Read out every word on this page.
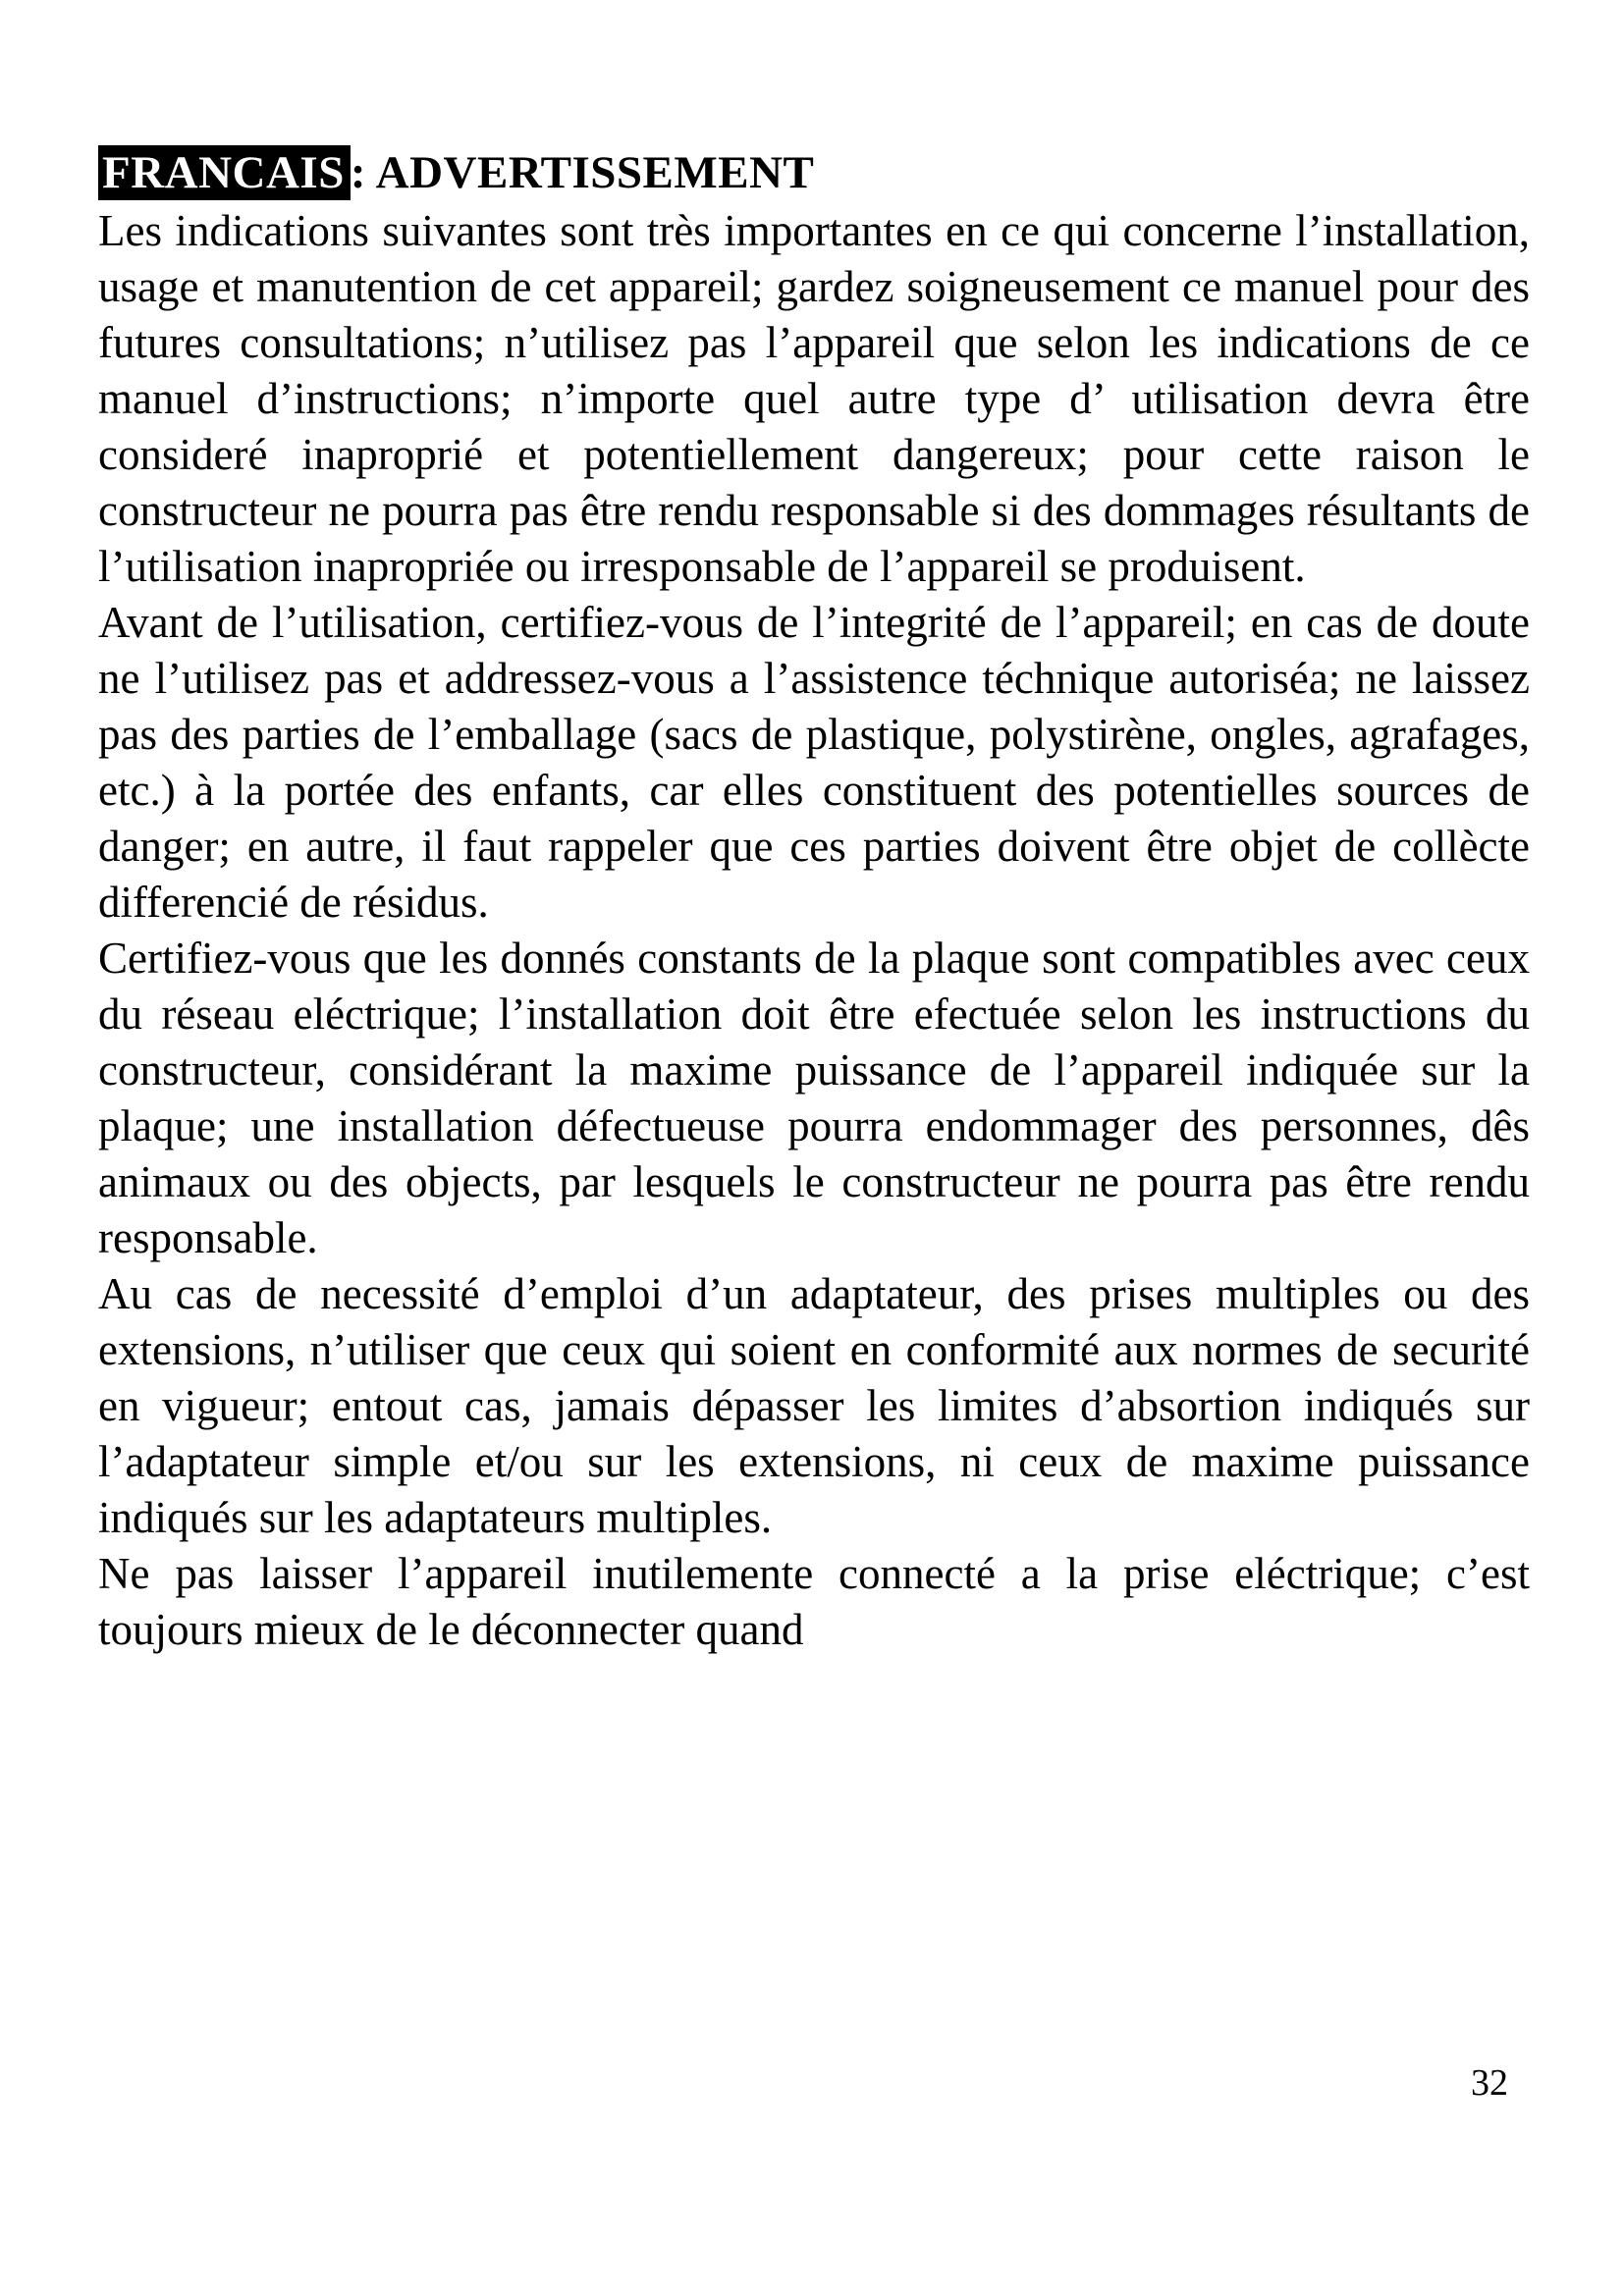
FRANCAIS : ADVERTISSEMENT

Les indications suivantes sont très importantes en ce qui concerne l’installation, usage et manutention de cet appareil; gardez soigneusement ce manuel pour des futures consultations; n’utilisez pas l’appareil que selon les indications de ce manuel d’instructions; n’importe quel autre type d’ utilisation devra être consideré inaproprié et potentiellement dangereux; pour cette raison le constructeur ne pourra pas être rendu responsable si des dommages résultants de l’utilisation inapropriée ou irresponsable de l’appareil se produisent.

Avant de l’utilisation, certifiez-vous de l’integrité de l’appareil; en cas de doute ne l’utilisez pas et addressez-vous a l’assistence téchnique autoriséa; ne laissez pas des parties de l’emballage (sacs de plastique, polystirène, ongles, agrafages, etc.) à la portée des enfants, car elles constituent des potentielles sources de danger; en autre, il faut rappeler que ces parties doivent être objet de collècte differencié de résidus.

Certifiez-vous que les donnés constants de la plaque sont compatibles avec ceux du réseau eléctrique; l’installation doit être efectuée selon les instructions du constructeur, considérant la maxime puissance de l’appareil indiquée sur la plaque; une installation défectueuse pourra endommager des personnes, dês animaux ou des objects, par lesquels le constructeur ne pourra pas être rendu responsable.

Au cas de necessité d’emploi d’un adaptateur, des prises multiples ou des extensions, n’utiliser que ceux qui soient en conformité aux normes de securité en vigueur; entout cas, jamais dépasser les limites d’absortion indiqués sur l’adaptateur simple et/ou sur les extensions, ni ceux de maxime puissance indiqués sur les adaptateurs multiples.

Ne pas laisser l’appareil inutilemente connecté a la prise eléctrique; c’est toujours mieux de le déconnecter quand

32
